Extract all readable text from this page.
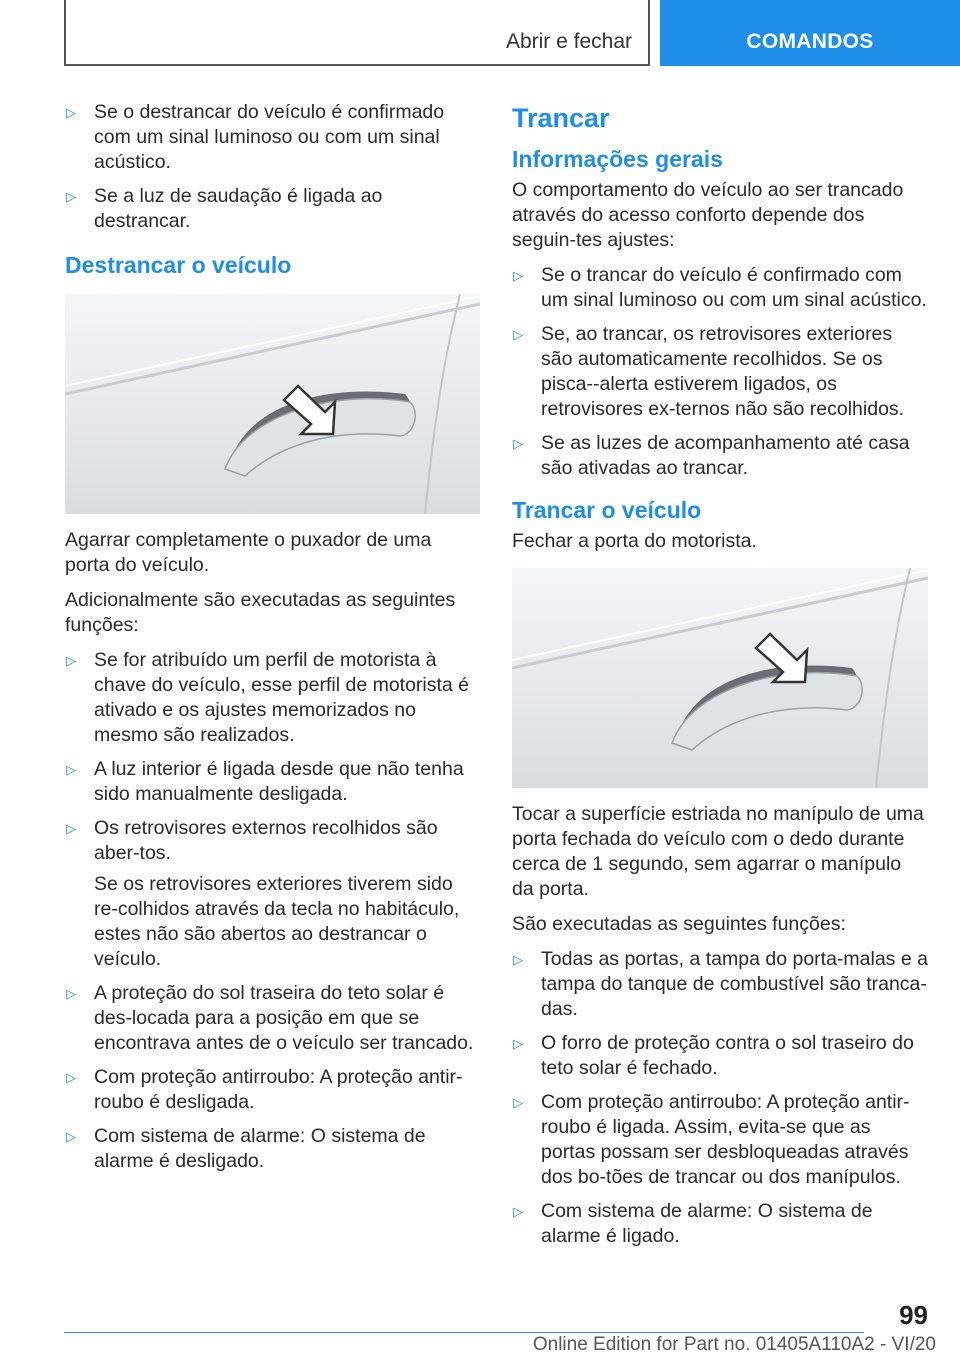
Abrir e fechar	COMANDOS
▷ Se o destrancar do veículo é confirmado com um sinal luminoso ou com um sinal acústico.
▷ Se a luz de saudação é ligada ao destrancar.
Destrancar o veículo

Agarrar completamente o puxador de uma porta do veículo.

Adicionalmente são executadas as seguintes funções:

▷ Se for atribuído um perfil de motorista à chave do veículo, esse perfil de motorista é ativado e os ajustes memorizados no mesmo são realizados.
▷ A luz interior é ligada desde que não tenha sido manualmente desligada.
▷ Os retrovisores externos recolhidos são aber-tos.
Se os retrovisores exteriores tiverem sido re-colhidos através da tecla no habitáculo, estes não são abertos ao destrancar o veículo.
▷ A proteção do sol traseira do teto solar é des-locada para a posição em que se encontrava antes de o veículo ser trancado.
▷ Com proteção antirroubo: A proteção antir-roubo é desligada.
▷ Com sistema de alarme: O sistema de alarme é desligado.
Trancar
Informações gerais

O comportamento do veículo ao ser trancado através do acesso conforto depende dos seguin-tes ajustes:

▷ Se o trancar do veículo é confirmado com um sinal luminoso ou com um sinal acústico.
▷ Se, ao trancar, os retrovisores exteriores são automaticamente recolhidos. Se os pisca--alerta estiverem ligados, os retrovisores ex-ternos não são recolhidos.
▷ Se as luzes de acompanhamento até casa são ativadas ao trancar.
Trancar o veículo

Fechar a porta do motorista.

Tocar a superfície estriada no manípulo de uma porta fechada do veículo com o dedo durante cerca de 1 segundo, sem agarrar o manípulo da porta.

São executadas as seguintes funções:

▷ Todas as portas, a tampa do porta-malas e a tampa do tanque de combustível são tranca-das.
▷ O forro de proteção contra o sol traseiro do teto solar é fechado.
▷ Com proteção antirroubo: A proteção antir-roubo é ligada. Assim, evita-se que as portas possam ser desbloqueadas através dos bo-tões de trancar ou dos manípulos.
▷ Com sistema de alarme: O sistema de alarme é ligado.
99
Online Edition for Part no. 01405A110A2 - VI/20
